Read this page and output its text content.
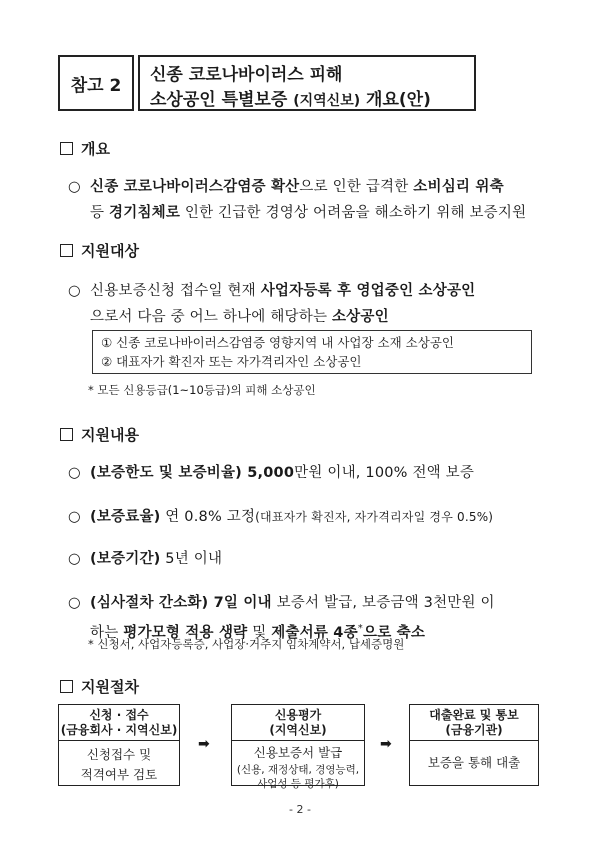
참고 2
신종 코로나바이러스 피해
소상공인 특별보증 (지역신보) 개요(안)
개요
○ 신종 코로나바이러스감염증 확산으로 인한 급격한 소비심리 위축
등 경기침체로 인한 긴급한 경영상 어려움을 해소하기 위해 보증지원
지원대상
○ 신용보증신청 접수일 현재 사업자등록 후 영업중인 소상공인
으로서 다음 중 어느 하나에 해당하는 소상공인
① 신종 코로나바이러스감염증 영향지역 내 사업장 소재 소상공인
② 대표자가 확진자 또는 자가격리자인 소상공인
* 모든 신용등급(1~10등급)의 피해 소상공인
지원내용
○ (보증한도 및 보증비율) 5,000만원 이내, 100% 전액 보증
○ (보증료율) 연 0.8% 고정(대표자가 확진자, 자가격리자일 경우 0.5%)
○ (보증기간) 5년 이내
○ (심사절차 간소화) 7일 이내 보증서 발급, 보증금액 3천만원 이
하는 평가모형 적용 생략 및 제출서류 4종*으로 축소
* 신청서, 사업자등록증, 사업장·거주지 임차계약서, 납세증명원
지원절차
신청 · 접수
(금융회사 · 지역신보)
신청접수 및
적격여부 검토
➡
신용평가
(지역신보)
신용보증서 발급
(신용, 재정상태, 경영능력,
사업성 등 평가후)
➡
대출완료 및 통보
(금융기관)
보증을 통해 대출
- 2 -
